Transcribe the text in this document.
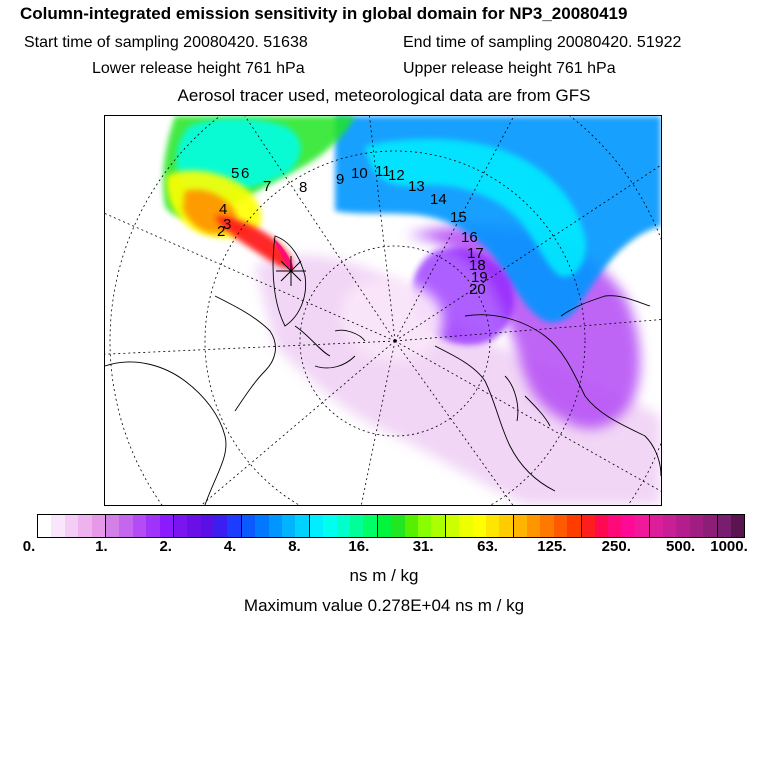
Column-integrated emission sensitivity in global domain for NP3_20080419
Start time of sampling 20080420. 51638	End time of sampling 20080420. 51922
Lower release height 761 hPa	Upper release height 761 hPa
Aerosol tracer used, meteorological data are from GFS
5 6
7 8 9 10 11
12
13
14
15
16
17
18
19
20
4
3
2
0.	1.	2.	4.	8.	16.	31.	63.	125. 250. 500. 1000.
ns m / kg
Maximum value 0.278E+04 ns m / kg
